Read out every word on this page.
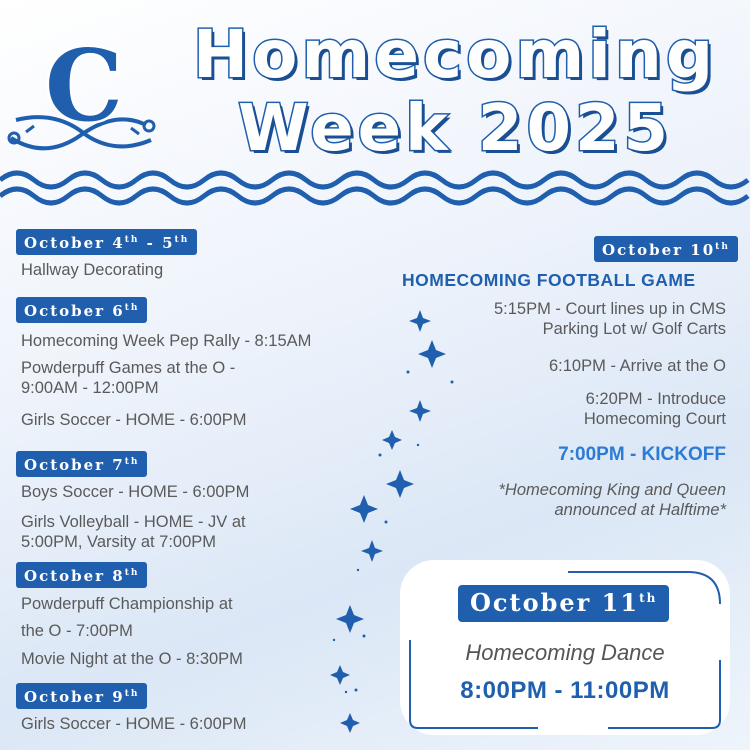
C	Homecoming
Week 2025
October 4th - 5th
Hallway Decorating
October 6th
Homecoming Week Pep Rally - 8:15AM
Powderpuff Games at the O -
9:00AM - 12:00PM
Girls Soccer - HOME - 6:00PM
October 7th
Boys Soccer - HOME - 6:00PM
Girls Volleyball - HOME - JV at
5:00PM, Varsity at 7:00PM
October 8th
Powderpuff Championship at
the O - 7:00PM
Movie Night at the O - 8:30PM
October 9th
Girls Soccer - HOME - 6:00PM
October 10th
HOMECOMING FOOTBALL GAME
5:15PM - Court lines up in CMS
Parking Lot w/ Golf Carts
6:10PM - Arrive at the O
6:20PM - Introduce
Homecoming Court
7:00PM - KICKOFF
*Homecoming King and Queen
announced at Halftime*
October 11th
Homecoming Dance
8:00PM - 11:00PM
